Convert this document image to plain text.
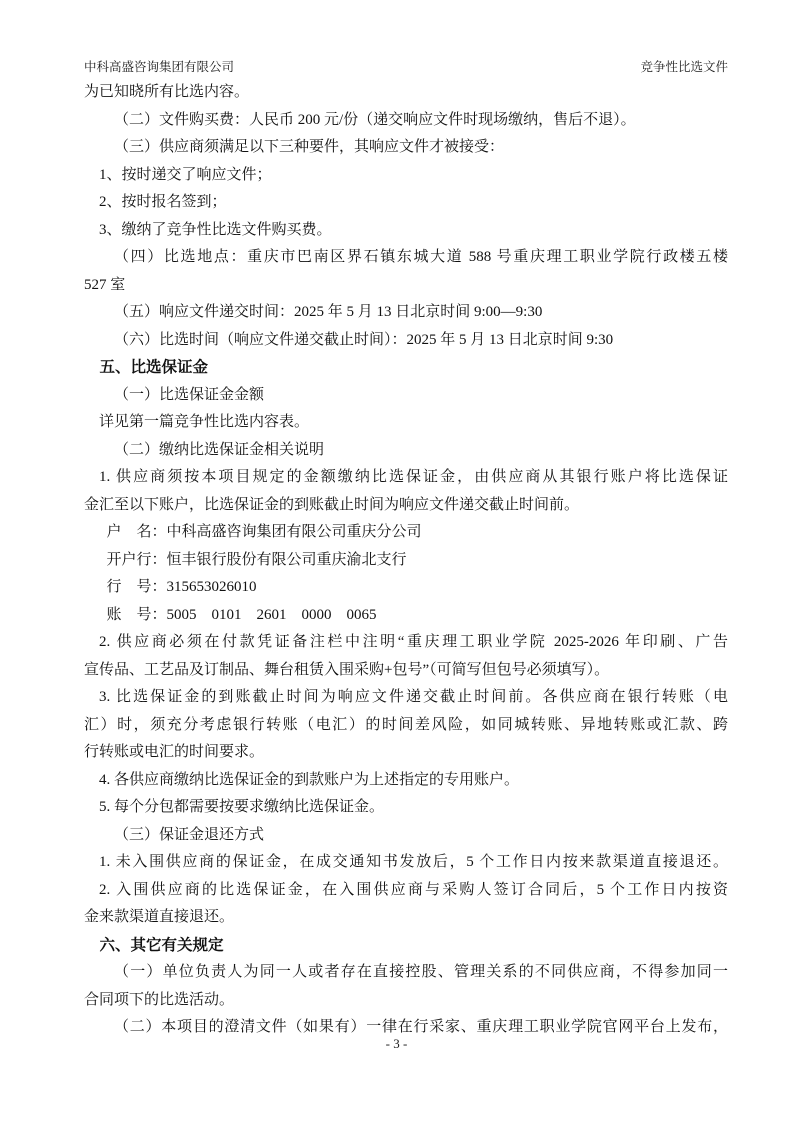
中科高盛咨询集团有限公司	竞争性比选文件

为已知晓所有比选内容。

（二）文件购买费：人民币 200 元/份（递交响应文件时现场缴纳，售后不退）。

（三）供应商须满足以下三种要件，其响应文件才被接受：

1、按时递交了响应文件；

2、按时报名签到；

3、缴纳了竞争性比选文件购买费。

（四）比选地点：重庆市巴南区界石镇东城大道 588 号重庆理工职业学院行政楼五楼

527 室

（五）响应文件递交时间：2025 年 5 月 13 日北京时间 9:00—9:30

（六）比选时间（响应文件递交截止时间）：2025 年 5 月 13 日北京时间 9:30

五、比选保证金

（一）比选保证金金额

详见第一篇竞争性比选内容表。

（二）缴纳比选保证金相关说明

1. 供应商须按本项目规定的金额缴纳比选保证金，由供应商从其银行账户将比选保证

金汇至以下账户，比选保证金的到账截止时间为响应文件递交截止时间前。

户　名：中科高盛咨询集团有限公司重庆分公司

开户行：恒丰银行股份有限公司重庆渝北支行

行　号：315653026010

账　号：5005　0101　2601　0000　0065

2. 供应商必须在付款凭证备注栏中注明“重庆理工职业学院 2025-2026 年印刷、广告

宣传品、工艺品及订制品、舞台租赁入围采购+包号”（可简写但包号必须填写）。

3. 比选保证金的到账截止时间为响应文件递交截止时间前。各供应商在银行转账（电

汇）时，须充分考虑银行转账（电汇）的时间差风险，如同城转账、异地转账或汇款、跨

行转账或电汇的时间要求。

4. 各供应商缴纳比选保证金的到款账户为上述指定的专用账户。

5. 每个分包都需要按要求缴纳比选保证金。

（三）保证金退还方式

1. 未入围供应商的保证金，在成交通知书发放后，5 个工作日内按来款渠道直接退还。

2. 入围供应商的比选保证金，在入围供应商与采购人签订合同后，5 个工作日内按资

金来款渠道直接退还。

六、其它有关规定

（一）单位负责人为同一人或者存在直接控股、管理关系的不同供应商，不得参加同一

合同项下的比选活动。

（二）本项目的澄清文件（如果有）一律在行采家、重庆理工职业学院官网平台上发布，

- 3 -
